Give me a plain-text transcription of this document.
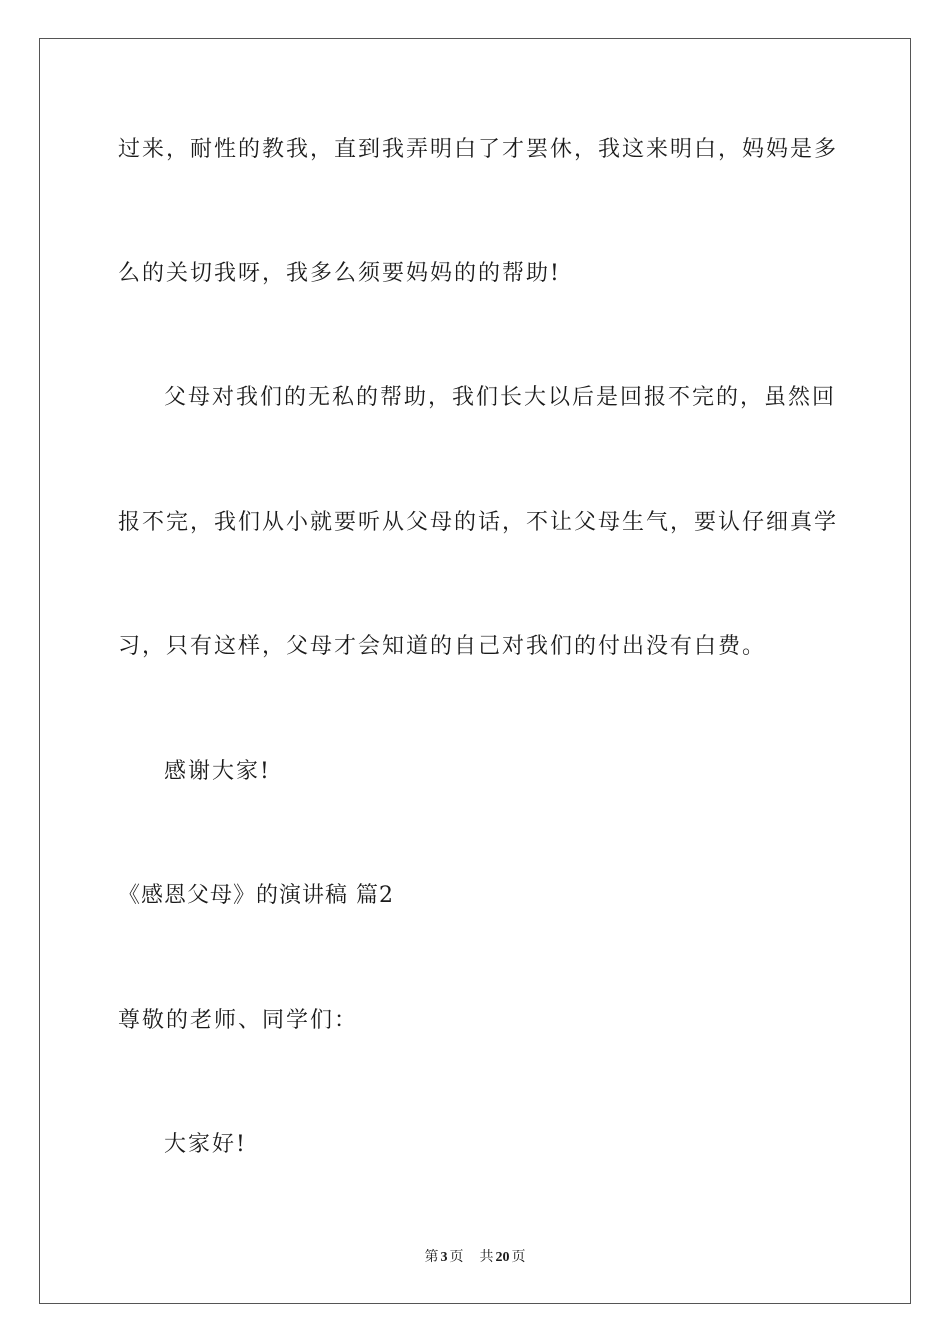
过来，耐性的教我，直到我弄明白了才罢休，我这来明白，妈妈是多
么的关切我呀，我多么须要妈妈的的帮助!
父母对我们的无私的帮助，我们长大以后是回报不完的，虽然回
报不完，我们从小就要听从父母的话，不让父母生气，要认仔细真学
习，只有这样，父母才会知道的自己对我们的付出没有白费。
感谢大家!
《感恩父母》的演讲稿 篇2
尊敬的老师、同学们：
大家好!
第 3 页 共 20 页
